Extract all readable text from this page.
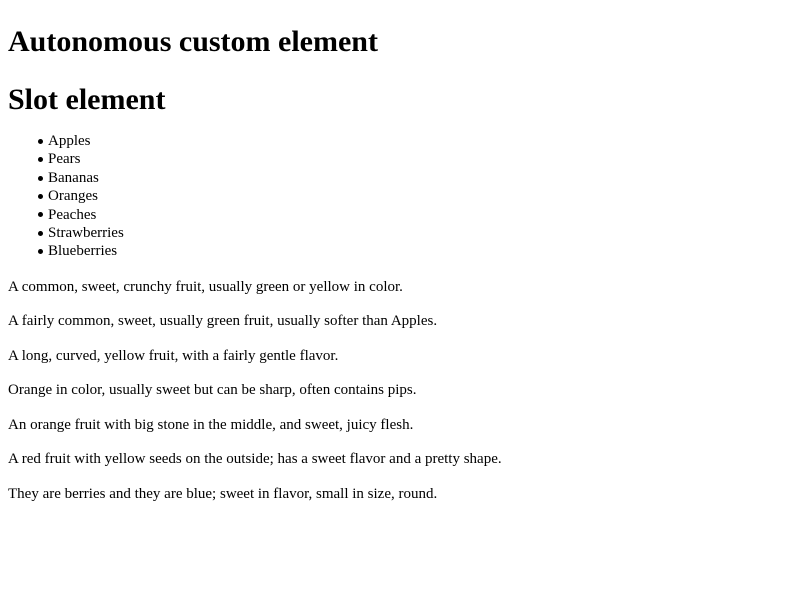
Autonomous custom element
Slot element
Apples
Pears
Bananas
Oranges
Peaches
Strawberries
Blueberries

A common, sweet, crunchy fruit, usually green or yellow in color.

A fairly common, sweet, usually green fruit, usually softer than Apples.

A long, curved, yellow fruit, with a fairly gentle flavor.

Orange in color, usually sweet but can be sharp, often contains pips.

An orange fruit with big stone in the middle, and sweet, juicy flesh.

A red fruit with yellow seeds on the outside; has a sweet flavor and a pretty shape.

They are berries and they are blue; sweet in flavor, small in size, round.
